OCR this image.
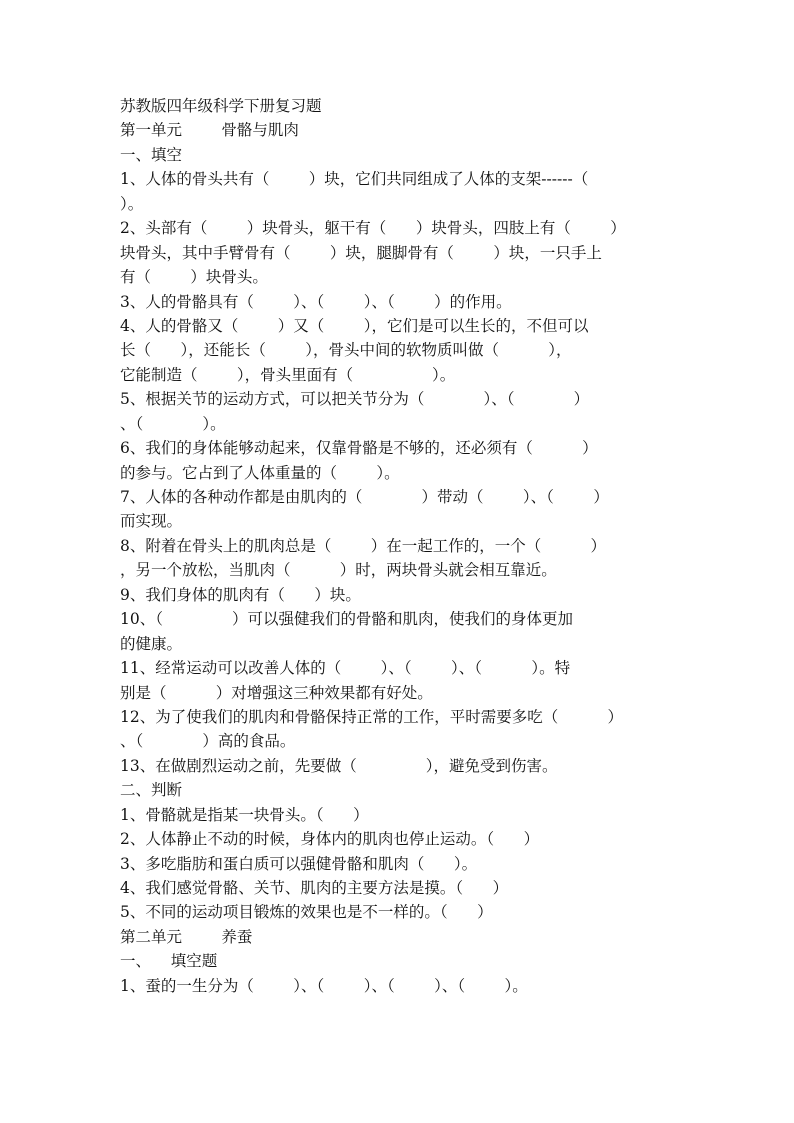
苏教版四年级科学下册复习题
第一单元        骨骼与肌肉
一、填空
1、人体的骨头共有（        ）块，它们共同组成了人体的支架------（
）。
2、头部有（        ）块骨头，躯干有（      ）块骨头，四肢上有（        ）
块骨头，其中手臂骨有（        ）块，腿脚骨有（        ）块，一只手上
有（        ）块骨头。
3、人的骨骼具有（        ）、（        ）、（        ）的作用。
4、人的骨骼又（        ）又（        ），它们是可以生长的，不但可以
长（      ），还能长（        ），骨头中间的软物质叫做（          ），
它能制造（        ），骨头里面有（                ）。
5、根据关节的运动方式，可以把关节分为（            ）、（            ）
、（            ）。
6、我们的身体能够动起来，仅靠骨骼是不够的，还必须有（          ）
的参与。它占到了人体重量的（        ）。
7、人体的各种动作都是由肌肉的（            ）带动（        ）、（        ）
而实现。
8、附着在骨头上的肌肉总是（        ）在一起工作的，一个（          ）
，另一个放松，当肌肉（          ）时，两块骨头就会相互靠近。
9、我们身体的肌肉有（      ）块。
10、（              ）可以强健我们的骨骼和肌肉，使我们的身体更加
的健康。
11、经常运动可以改善人体的（        ）、（        ）、（          ）。特
别是（          ）对增强这三种效果都有好处。
12、为了使我们的肌肉和骨骼保持正常的工作，平时需要多吃（          ）
、（            ）高的食品。
13、在做剧烈运动之前，先要做（              ），避免受到伤害。
二、判断
1、骨骼就是指某一块骨头。（      ）
2、人体静止不动的时候，身体内的肌肉也停止运动。（      ）
3、多吃脂肪和蛋白质可以强健骨骼和肌肉（      ）。
4、我们感觉骨骼、关节、肌肉的主要方法是摸。（      ）
5、不同的运动项目锻炼的效果也是不一样的。（      ）
第二单元        养蚕
一、    填空题
1、蚕的一生分为（        ）、（        ）、（        ）、（        ）。
